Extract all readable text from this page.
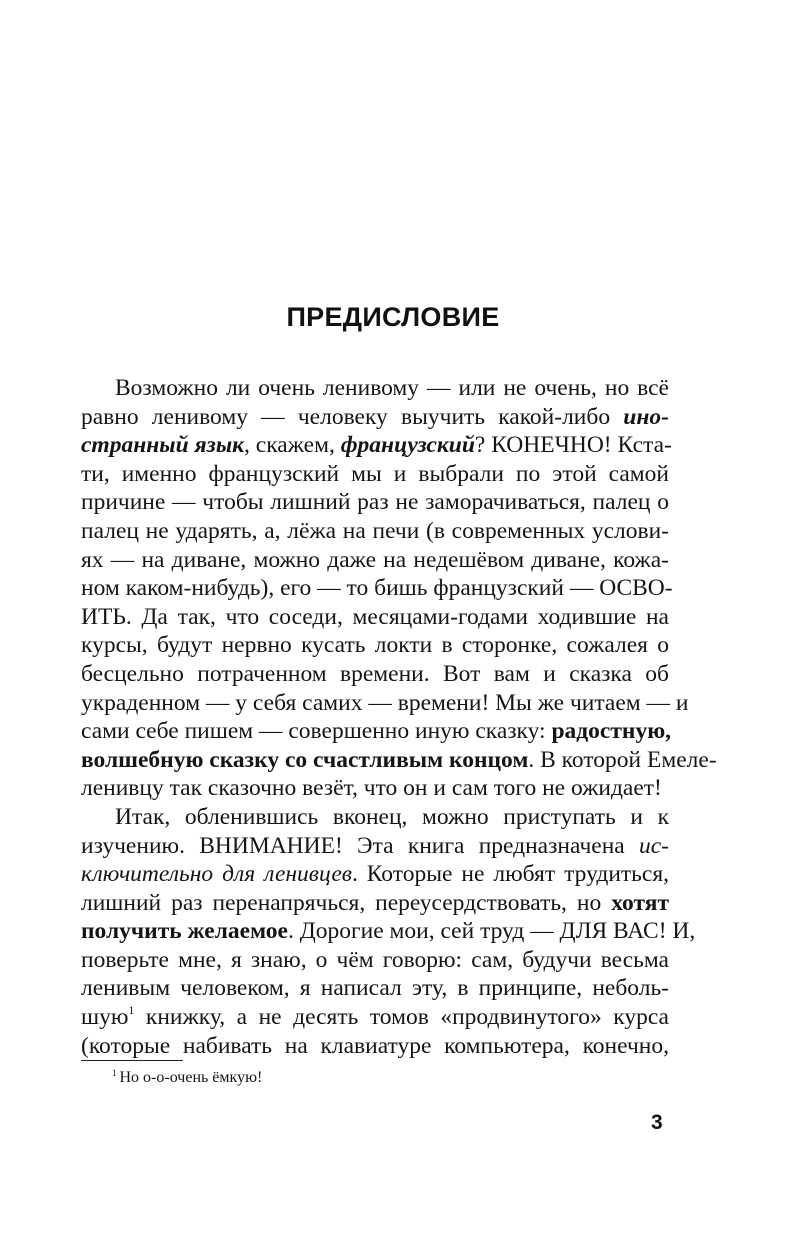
ПРЕДИСЛОВИЕ
Возможно ли очень ленивому — или не очень, но всё
равно ленивому — человеку выучить какой-либо ино-
странный язык, скажем, французский? КОНЕЧНО! Кста-
ти, именно французский мы и выбрали по этой самой
причине — чтобы лишний раз не заморачиваться, палец о
палец не ударять, а, лёжа на печи (в современных услови-
ях — на диване, можно даже на недешёвом диване, кожа-
ном каком-нибудь), его — то бишь французский — ОСВО-
ИТЬ. Да так, что соседи, месяцами-годами ходившие на
курсы, будут нервно кусать локти в сторонке, сожалея о
бесцельно потраченном времени. Вот вам и сказка об
украденном — у себя самих — времени! Мы же читаем — и
сами себе пишем — совершенно иную сказку: радостную,
волшебную сказку со счастливым концом. В которой Емеле-
ленивцу так сказочно везёт, что он и сам того не ожидает!
Итак, обленившись вконец, можно приступать и к
изучению. ВНИМАНИЕ! Эта книга предназначена ис-
ключительно для ленивцев. Которые не любят трудиться,
лишний раз перенапрячься, переусердствовать, но хотят
получить желаемое. Дорогие мои, сей труд — ДЛЯ ВАС! И,
поверьте мне, я знаю, о чём говорю: сам, будучи весьма
ленивым человеком, я написал эту, в принципе, неболь-
шую$^1$ книжку, а не десять томов «продвинутого» курса
(которые набивать на клавиатуре компьютера, конечно,
$^1$ Но о-о-очень ёмкую!
3
